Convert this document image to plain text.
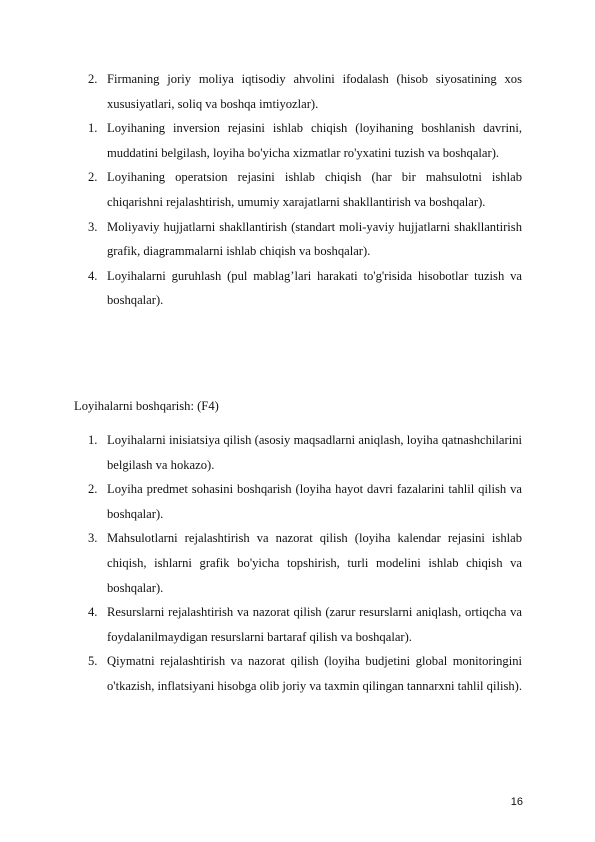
2. Firmaning joriy moliya iqtisodiy ahvolini ifodalash (hisob siyosatining xos xususiyatlari, soliq va boshqa imtiyozlar).
1. Loyihaning inversion rejasini ishlab chiqish (loyihaning boshlanish davrini, muddatini belgilash, loyiha bo'yicha xizmatlar ro'yxatini tuzish va boshqalar).
2. Loyihaning operatsion rejasini ishlab chiqish (har bir mahsulotni ishlab chiqarishni rejalashtirish, umumiy xarajatlarni shakllantirish va boshqalar).
3. Moliyaviy hujjatlarni shakllantirish (standart moli-yaviy hujjatlarni shakllantirish grafik, diagrammalarni ishlab chiqish va boshqalar).
4. Loyihalarni guruhlash (pul mablag’lari harakati to'g'risida hisobotlar tuzish va boshqalar).
Loyihalarni boshqarish: (F4)
1. Loyihalarni inisiatsiya qilish (asosiy maqsadlarni aniqlash, loyiha qatnashchilarini belgilash va hokazo).
2. Loyiha predmet sohasini boshqarish (loyiha hayot davri fazalarini tahlil qilish va boshqalar).
3. Mahsulotlarni rejalashtirish va nazorat qilish (loyiha kalendar rejasini ishlab chiqish, ishlarni grafik bo'yicha topshirish, turli modelini ishlab chiqish va boshqalar).
4. Resurslarni rejalashtirish va nazorat qilish (zarur resurslarni aniqlash, ortiqcha va foydalanilmaydigan resurslarni bartaraf qilish va boshqalar).
5. Qiymatni rejalashtirish va nazorat qilish (loyiha budjetini global monitoringini o'tkazish, inflatsiyani hisobga olib joriy va taxmin qilingan tannarxni tahlil qilish).
16
